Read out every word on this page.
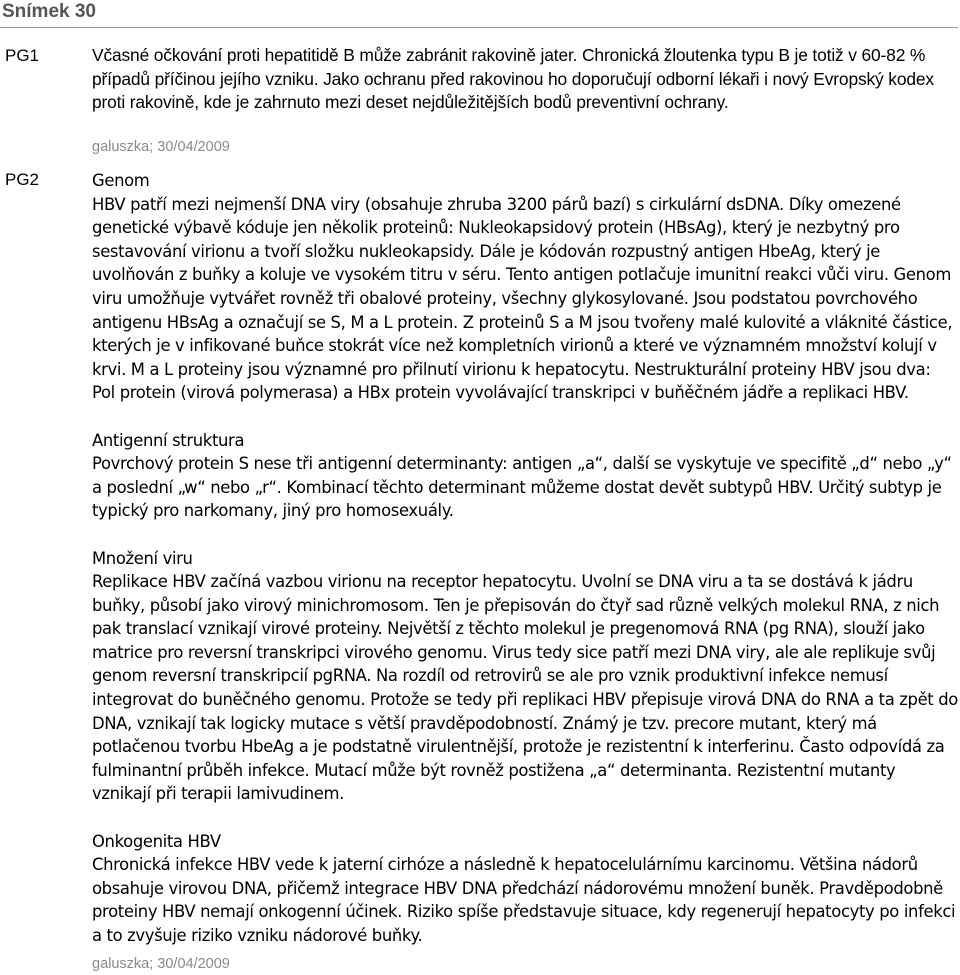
Snímek 30
PG1	Včasné očkování proti hepatitidě B může zabránit rakovině jater. Chronická žloutenka typu B je totiž v 60-82 % případů příčinou jejího vzniku. Jako ochranu před rakovinou ho doporučují odborní lékaři i nový Evropský kodex proti rakovině, kde je zahrnuto mezi deset nejdůležitějších bodů preventivní ochrany.

galuszka; 30/04/2009
PG2	Genom

HBV patří mezi nejmenší DNA viry (obsahuje zhruba 3200 párů bazí) s cirkulární dsDNA. Díky omezené genetické výbavě kóduje jen několik proteinů: Nukleokapsidový protein (HBsAg), který je nezbytný pro sestavování virionu a tvoří složku nukleokapsidy. Dále je kódován rozpustný antigen HbeAg, který je uvolňován z buňky a koluje ve vysokém titru v séru. Tento antigen potlačuje imunitní reakci vůči viru. Genom viru umožňuje vytvářet rovněž tři obalové proteiny, všechny glykosylované. Jsou podstatou povrchového antigenu HBsAg a označují se S, M a L protein. Z proteinů S a M jsou tvořeny malé kulovité a vláknité částice, kterých je v infikované buňce stokrát více než kompletních virionů a které ve významném množství kolují v krvi. M a L proteiny jsou významné pro přilnutí virionu k hepatocytu. Nestrukturální proteiny HBV jsou dva: Pol protein (virová polymerasa) a HBx protein vyvolávající transkripci v buňěčném jádře a replikaci HBV.

Antigenní struktura

Povrchový protein S nese tři antigenní determinanty: antigen „a“, další se vyskytuje ve specifitě „d“ nebo „y“ a poslední „w“ nebo „r“. Kombinací těchto determinant můžeme dostat devět subtypů HBV. Určitý subtyp je typický pro narkomany, jiný pro homosexuály.

Množení viru

Replikace HBV začíná vazbou virionu na receptor hepatocytu. Uvolní se DNA viru a ta se dostává k jádru buňky, působí jako virový minichromosom. Ten je přepisován do čtyř sad různě velkých molekul RNA, z nich pak translací vznikají virové proteiny. Největší z těchto molekul je pregenomová RNA (pg RNA), slouží jako matrice pro reversní transkripci virového genomu. Virus tedy sice patří mezi DNA viry, ale ale replikuje svůj genom reversní transkripcií pgRNA. Na rozdíl od retrovirů se ale pro vznik produktivní infekce nemusí integrovat do buněčného genomu. Protože se tedy při replikaci HBV přepisuje virová DNA do RNA a ta zpět do DNA, vznikají tak logicky mutace s větší pravděpodobností. Známý je tzv. precore mutant, který má potlačenou tvorbu HbeAg a je podstatně virulentnější, protože je rezistentní k interferinu. Často odpovídá za fulminantní průběh infekce. Mutací může být rovněž postižena „a“ determinanta. Rezistentní mutanty vznikají při terapii lamivudinem.

Onkogenita HBV

Chronická infekce HBV vede k jaterní cirhóze a následně k hepatocelulárnímu karcinomu. Většina nádorů obsahuje virovou DNA, přičemž integrace HBV DNA předchází nádorovému množení buněk. Pravděpodobně proteiny HBV nemají onkogenní účinek. Riziko spíše představuje situace, kdy regenerují hepatocyty po infekci a to zvyšuje riziko vzniku nádorové buňky.

galuszka; 30/04/2009
